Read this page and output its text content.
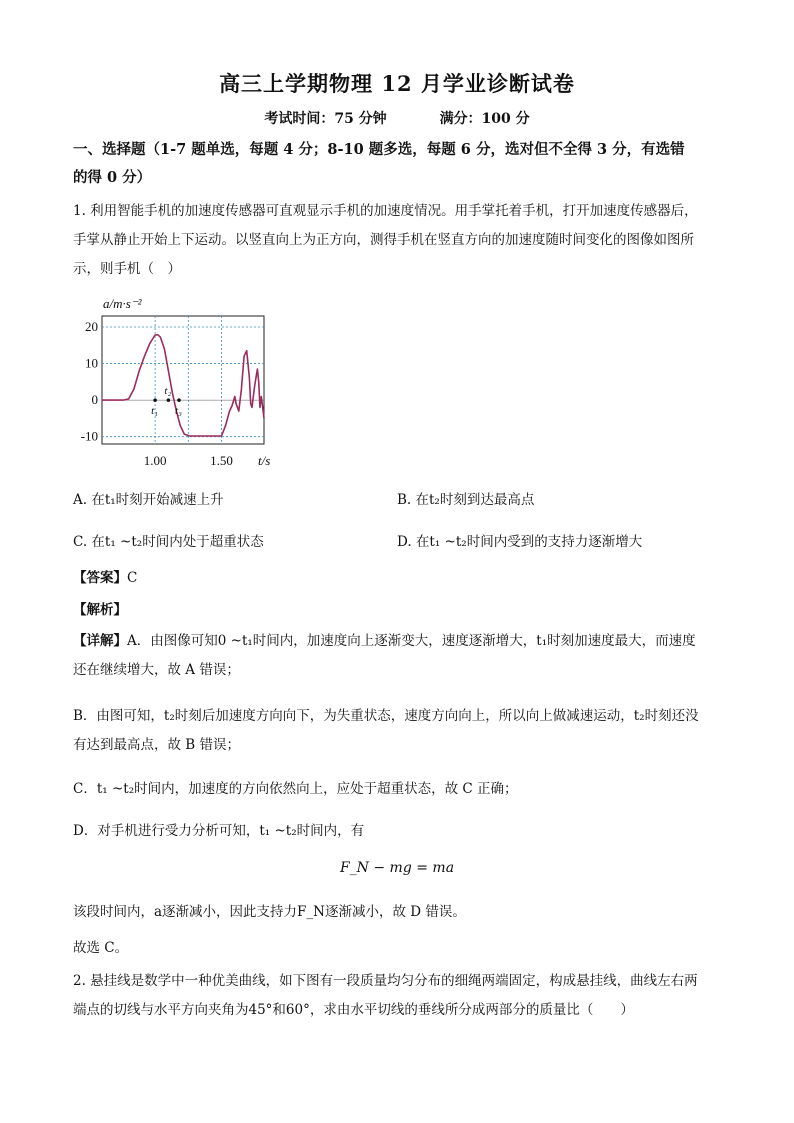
高三上学期物理 12 月学业诊断试卷
考试时间：75 分钟	满分：100 分
一、选择题（1-7 题单选，每题 4 分；8-10 题多选，每题 6 分，选对但不全得 3 分，有选错
的得 0 分）
1. 利用智能手机的加速度传感器可直观显示手机的加速度情况。用手掌托着手机，打开加速度传感器后，
手掌从静止开始上下运动。以竖直向上为正方向，测得手机在竖直方向的加速度随时间变化的图像如图所
示，则手机（　）
20
10
0
-10
1.00	1.50
a/m·s⁻²
t/s
t₁
t₂
t₃
A. 在t₁时刻开始减速上升	B. 在t₂时刻到达最高点
C. 在t₁ ~t₂时间内处于超重状态	D. 在t₁ ~t₂时间内受到的支持力逐渐增大
【答案】C
【解析】
【详解】A．由图像可知0 ~t₁时间内，加速度向上逐渐变大，速度逐渐增大，t₁时刻加速度最大，而速度
还在继续增大，故 A 错误；
B．由图可知，t₂时刻后加速度方向向下，为失重状态，速度方向向上，所以向上做减速运动，t₂时刻还没
有达到最高点，故 B 错误；
C．t₁ ~t₂时间内，加速度的方向依然向上，应处于超重状态，故 C 正确；
D．对手机进行受力分析可知，t₁ ~t₂时间内，有
F_N − mg = ma
该段时间内，a逐渐减小，因此支持力F_N逐渐减小，故 D 错误。
故选 C。
2. 悬挂线是数学中一种优美曲线，如下图有一段质量均匀分布的细绳两端固定，构成悬挂线，曲线左右两
端点的切线与水平方向夹角为45°和60°，求由水平切线的垂线所分成两部分的质量比（　　）
